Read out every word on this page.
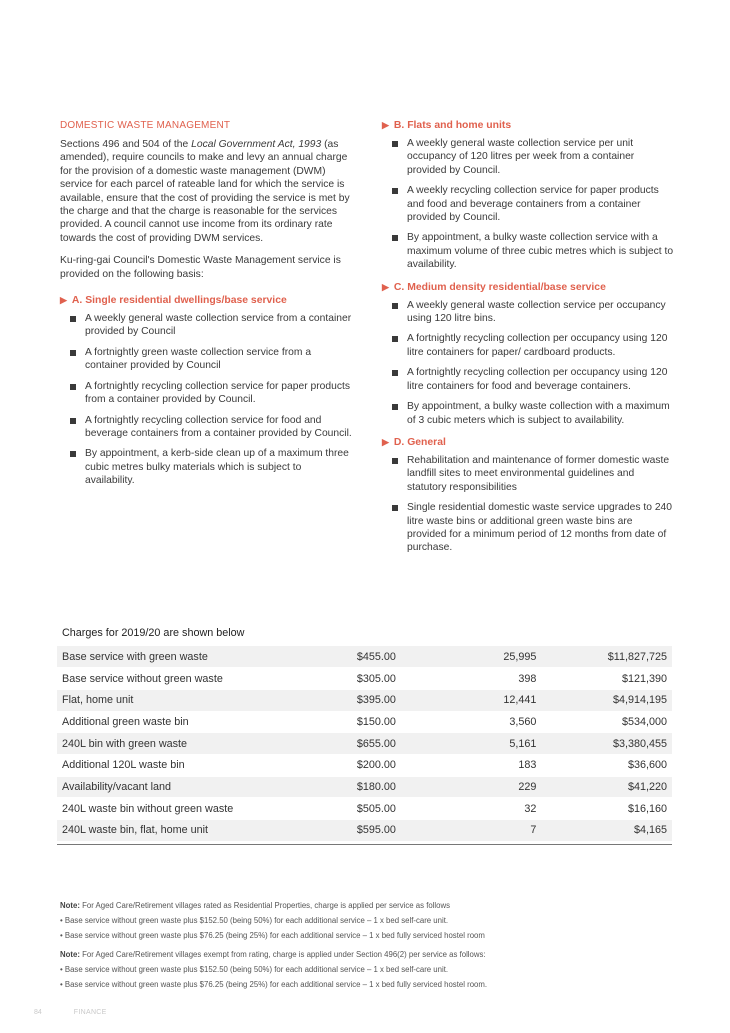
DOMESTIC WASTE MANAGEMENT

Sections 496 and 504 of the Local Government Act, 1993 (as amended), require councils to make and levy an annual charge for the provision of a domestic waste management (DWM) service for each parcel of rateable land for which the service is available, ensure that the cost of providing the service is met by the charge and that the charge is reasonable for the services provided. A council cannot use income from its ordinary rate towards the cost of providing DWM services.

Ku-ring-gai Council's Domestic Waste Management service is provided on the following basis:

▶ A. Single residential dwellings/base service
A weekly general waste collection service from a container provided by Council
A fortnightly green waste collection service from a container provided by Council
A fortnightly recycling collection service for paper products from a container provided by Council.
A fortnightly recycling collection service for food and beverage containers from a container provided by Council.
By appointment, a kerb-side clean up of a maximum three cubic metres bulky materials which is subject to availability.
▶ B. Flats and home units
A weekly general waste collection service per unit occupancy of 120 litres per week from a container provided by Council.
A weekly recycling collection service for paper products and food and beverage containers from a container provided by Council.
By appointment, a bulky waste collection service with a maximum volume of three cubic metres which is subject to availability.
▶ C. Medium density residential/base service
A weekly general waste collection service per occupancy using 120 litre bins.
A fortnightly recycling collection per occupancy using 120 litre containers for paper/ cardboard products.
A fortnightly recycling collection per occupancy using 120 litre containers for food and beverage containers.
By appointment, a bulky waste collection with a maximum of 3 cubic meters which is subject to availability.
▶ D. General
Rehabilitation and maintenance of former domestic waste landfill sites to meet environmental guidelines and statutory responsibilities
Single residential domestic waste service upgrades to 240 litre waste bins or additional green waste bins are provided for a minimum period of 12 months from date of purchase.
Charges for 2019/20 are shown below
Base service with green waste	$455.00	25,995	$11,827,725
Base service without green waste	$305.00	398	$121,390
Flat, home unit	$395.00	12,441	$4,914,195
Additional green waste bin	$150.00	3,560	$534,000
240L bin with green waste	$655.00	5,161	$3,380,455
Additional 120L waste bin	$200.00	183	$36,600
Availability/vacant land	$180.00	229	$41,220
240L waste bin without green waste	$505.00	32	$16,160
240L waste bin, flat, home unit	$595.00	7	$4,165
Note: For Aged Care/Retirement villages rated as Residential Properties, charge is applied per service as follows
• Base service without green waste plus $152.50 (being 50%) for each additional service – 1 x bed self-care unit.
• Base service without green waste plus $76.25 (being 25%) for each additional service – 1 x bed fully serviced hostel room
Note: For Aged Care/Retirement villages exempt from rating, charge is applied under Section 496(2) per service as follows:
• Base service without green waste plus $152.50 (being 50%) for each additional service – 1 x bed self-care unit.
• Base service without green waste plus $76.25 (being 25%) for each additional service – 1 x bed fully serviced hostel room.
84	FINANCE
